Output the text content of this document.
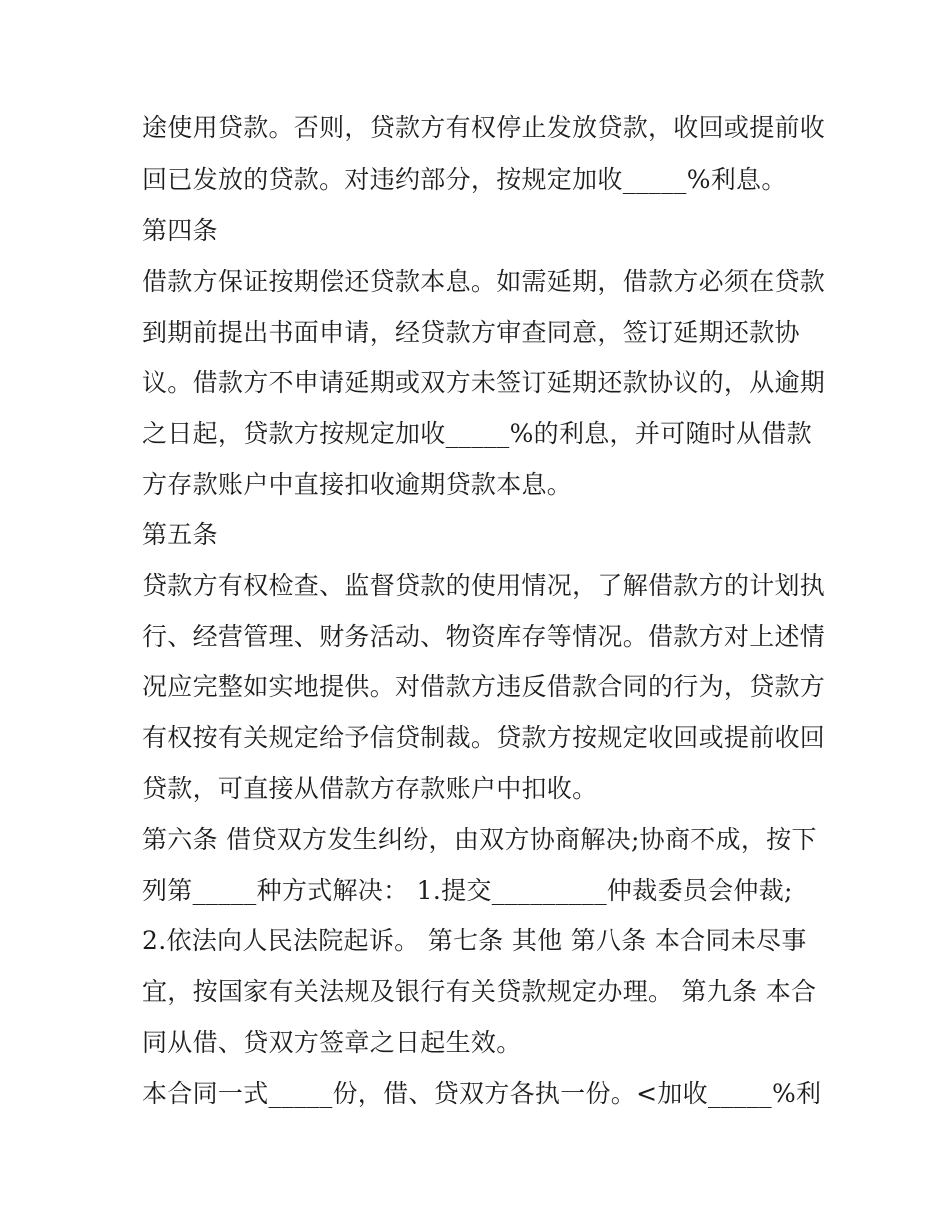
途使用贷款。否则，贷款方有权停止发放贷款，收回或提前收
回已发放的贷款。对违约部分，按规定加收_____%利息。
第四条
借款方保证按期偿还贷款本息。如需延期，借款方必须在贷款
到期前提出书面申请，经贷款方审查同意，签订延期还款协
议。借款方不申请延期或双方未签订延期还款协议的，从逾期
之日起，贷款方按规定加收_____%的利息，并可随时从借款
方存款账户中直接扣收逾期贷款本息。
第五条
贷款方有权检查、监督贷款的使用情况，了解借款方的计划执
行、经营管理、财务活动、物资库存等情况。借款方对上述情
况应完整如实地提供。对借款方违反借款合同的行为，贷款方
有权按有关规定给予信贷制裁。贷款方按规定收回或提前收回
贷款，可直接从借款方存款账户中扣收。
第六条 借贷双方发生纠纷，由双方协商解决;协商不成，按下
列第_____种方式解决： 1.提交_________仲裁委员会仲裁;
2.依法向人民法院起诉。 第七条 其他 第八条 本合同未尽事
宜，按国家有关法规及银行有关贷款规定办理。 第九条 本合
同从借、贷双方签章之日起生效。
本合同一式_____份，借、贷双方各执一份。<加收_____%利
